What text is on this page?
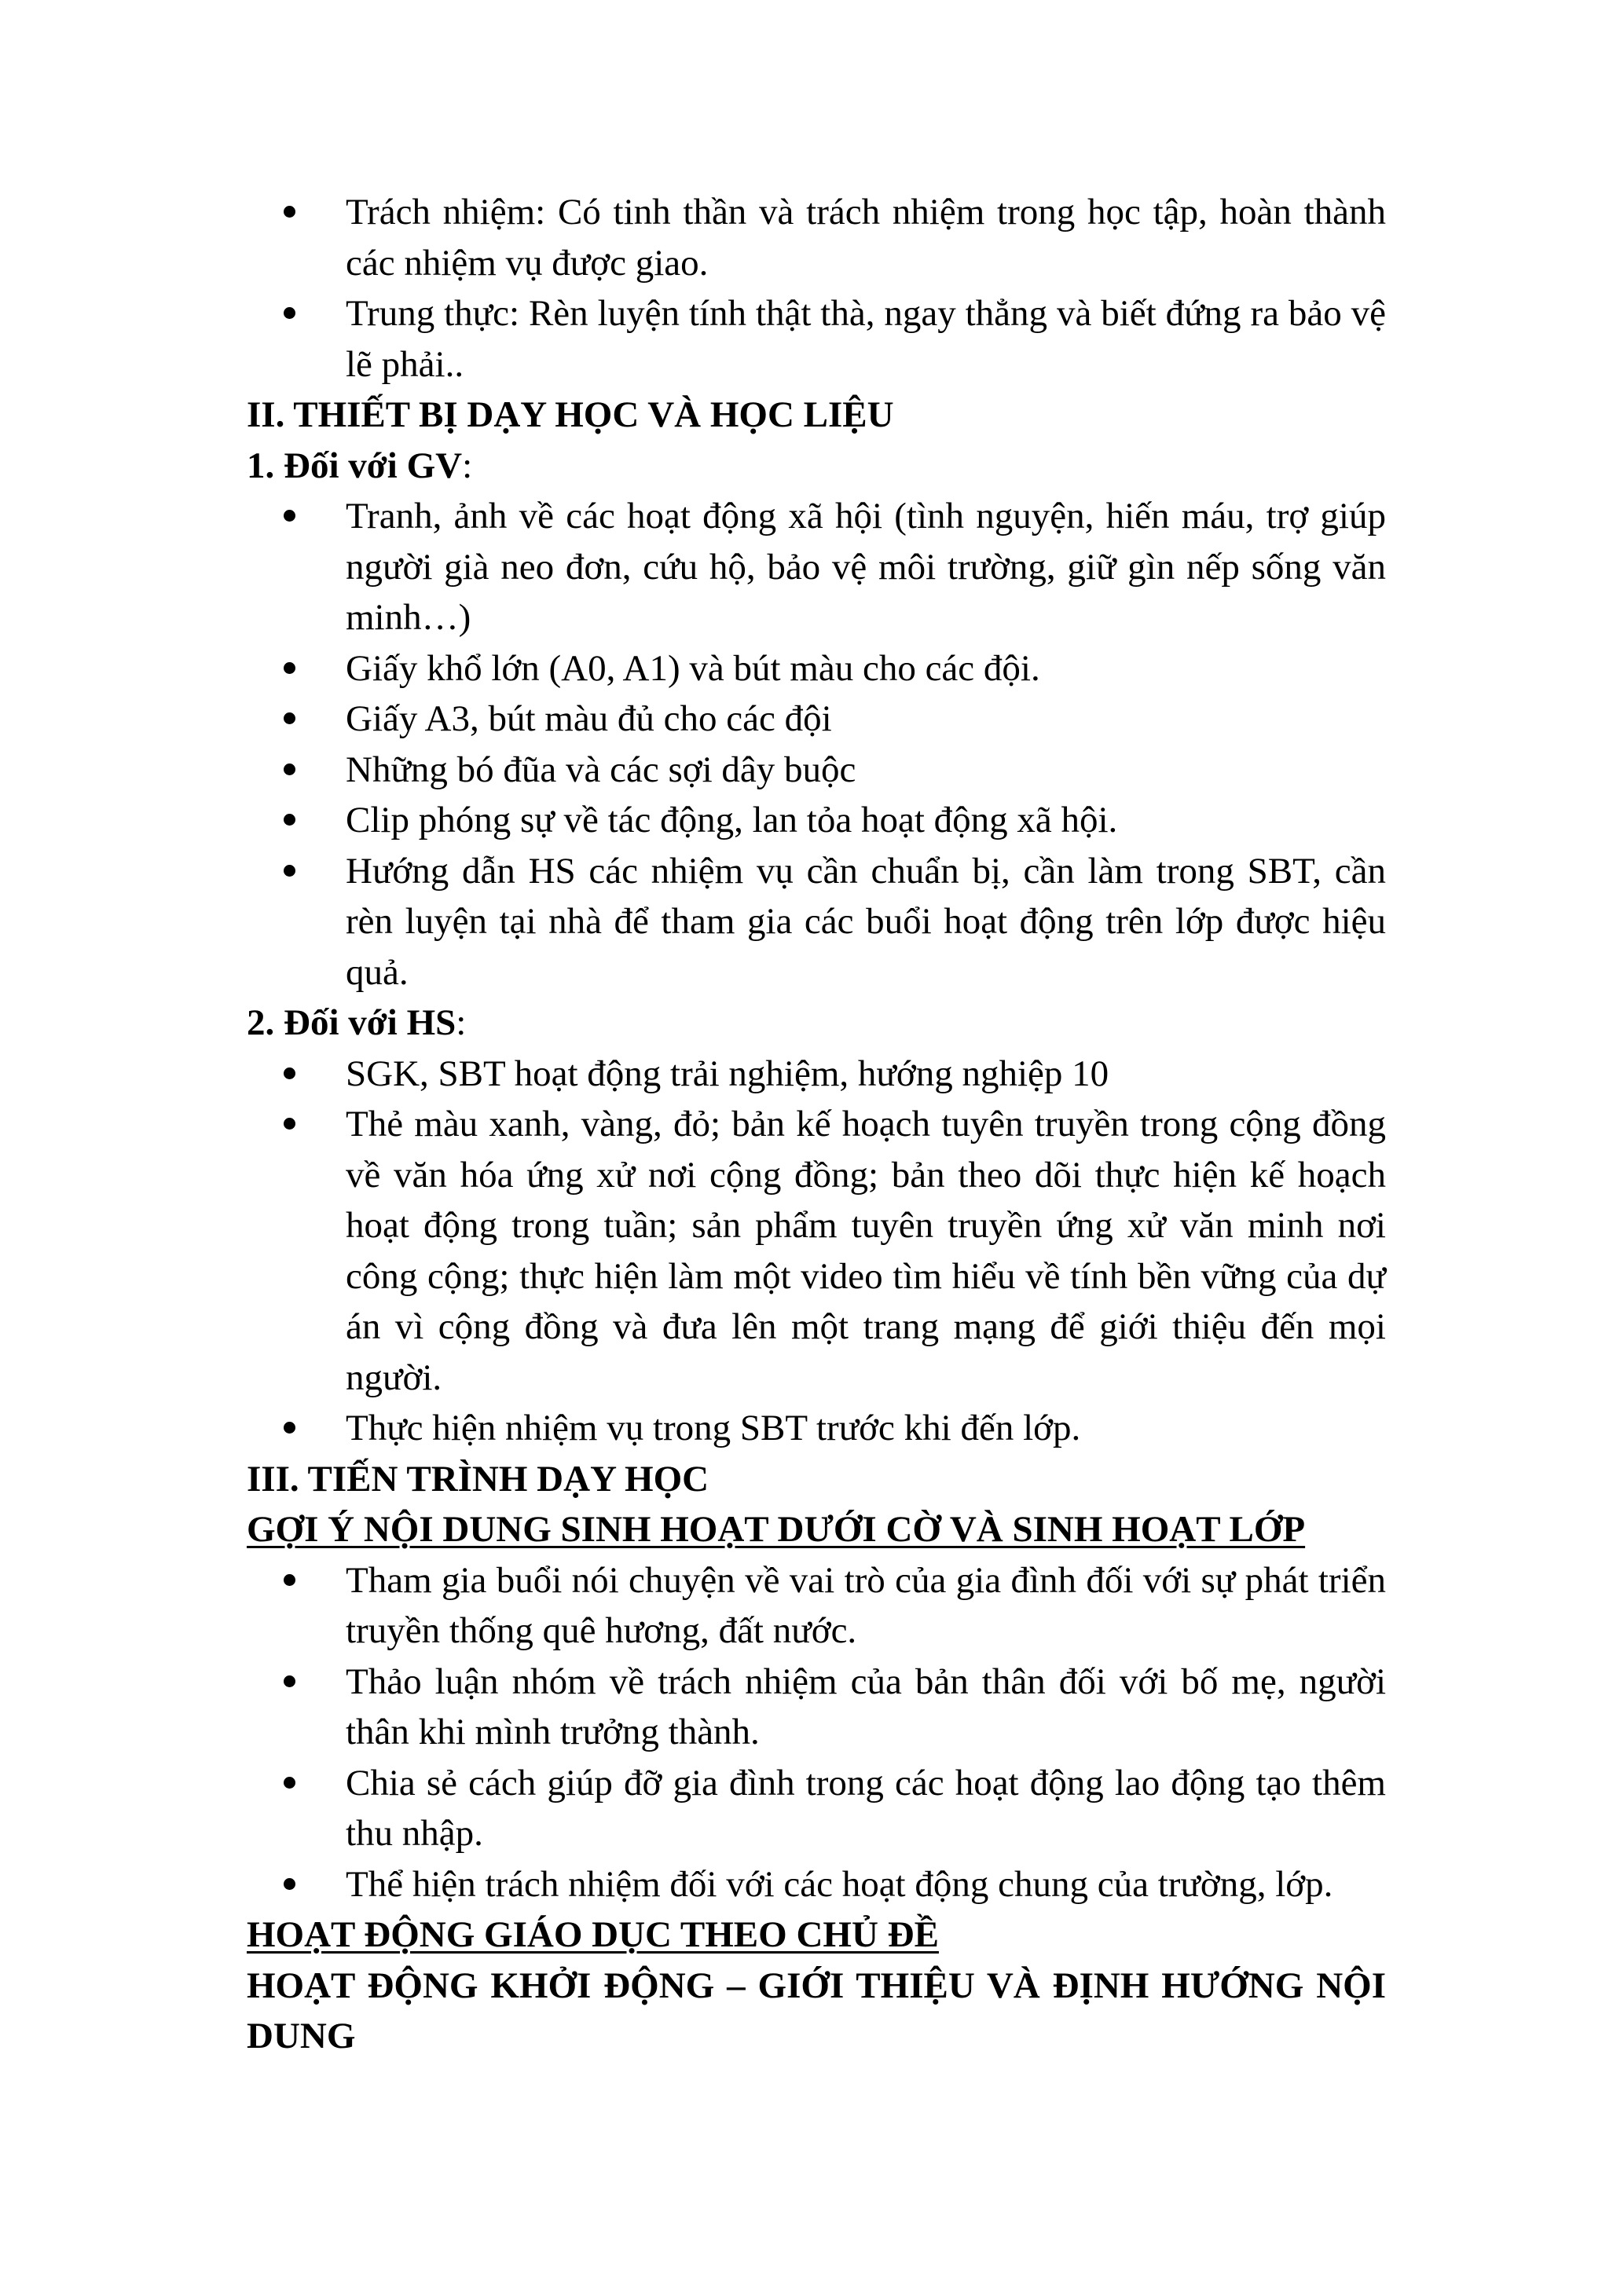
Trách nhiệm: Có tinh thần và trách nhiệm trong học tập, hoàn thành các nhiệm vụ được giao.
Trung thực: Rèn luyện tính thật thà, ngay thẳng và biết đứng ra bảo vệ lẽ phải..

II. THIẾT BỊ DẠY HỌC VÀ HỌC LIỆU

1. Đối với GV:

Tranh, ảnh về các hoạt động xã hội (tình nguyện, hiến máu, trợ giúp người già neo đơn, cứu hộ, bảo vệ môi trường, giữ gìn nếp sống văn minh…)
Giấy khổ lớn (A0, A1) và bút màu cho các đội.
Giấy A3, bút màu đủ cho các đội
Những bó đũa và các sợi dây buộc
Clip phóng sự về tác động, lan tỏa hoạt động xã hội.
Hướng dẫn HS các nhiệm vụ cần chuẩn bị, cần làm trong SBT, cần rèn luyện tại nhà để tham gia các buổi hoạt động trên lớp được hiệu quả.

2. Đối với HS:

SGK, SBT hoạt động trải nghiệm, hướng nghiệp 10
Thẻ màu xanh, vàng, đỏ; bản kế hoạch tuyên truyền trong cộng đồng về văn hóa ứng xử nơi cộng đồng; bản theo dõi thực hiện kế hoạch hoạt động trong tuần; sản phẩm tuyên truyền ứng xử văn minh nơi công cộng; thực hiện làm một video tìm hiểu về tính bền vững của dự án vì cộng đồng và đưa lên một trang mạng để giới thiệu đến mọi người.
Thực hiện nhiệm vụ trong SBT trước khi đến lớp.

III. TIẾN TRÌNH DẠY HỌC

GỢI Ý NỘI DUNG SINH HOẠT DƯỚI CỜ VÀ SINH HOẠT LỚP

Tham gia buổi nói chuyện về vai trò của gia đình đối với sự phát triển truyền thống quê hương, đất nước.
Thảo luận nhóm về trách nhiệm của bản thân đối với bố mẹ, người thân khi mình trưởng thành.
Chia sẻ cách giúp đỡ gia đình trong các hoạt động lao động tạo thêm thu nhập.
Thể hiện trách nhiệm đối với các hoạt động chung của trường, lớp.

HOẠT ĐỘNG GIÁO DỤC THEO CHỦ ĐỀ

HOẠT ĐỘNG KHỞI ĐỘNG – GIỚI THIỆU VÀ ĐỊNH HƯỚNG NỘI DUNG
